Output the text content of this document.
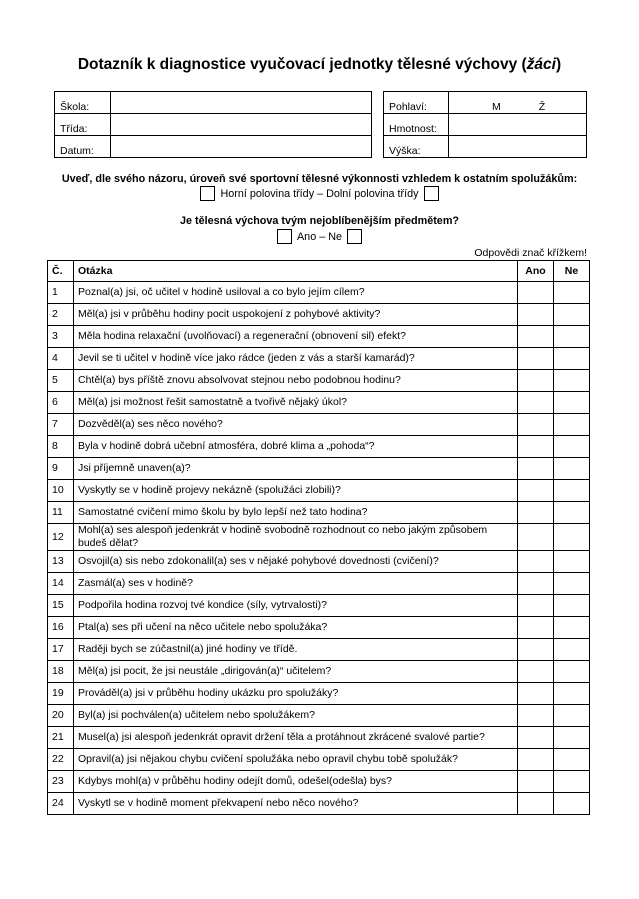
Dotazník k diagnostice vyučovací jednotky tělesné výchovy (žáci)
Škola:	
Třída:	
Datum:	
Pohlaví:	M Ž
Hmotnost:	
Výška:	
Uveď, dle svého názoru, úroveň své sportovní tělesné výkonnosti vzhledem k ostatním spolužákům:
Horní polovina třídy – Dolní polovina třídy
Je tělesná výchova tvým nejoblíbenějším předmětem?
Ano – Ne
Odpovědi znač křížkem!
Č.	Otázka	Ano	Ne
1	Poznal(a) jsi, oč učitel v hodině usiloval a co bylo jejím cílem?		
2	Měl(a) jsi v průběhu hodiny pocit uspokojení z pohybové aktivity?		
3	Měla hodina relaxační (uvolňovací) a regenerační (obnovení sil) efekt?		
4	Jevil se ti učitel v hodině více jako rádce (jeden z vás a starší kamarád)?		
5	Chtěl(a) bys příště znovu absolvovat stejnou nebo podobnou hodinu?		
6	Měl(a) jsi možnost řešit samostatně a tvořivě nějaký úkol?		
7	Dozvěděl(a) ses něco nového?		
8	Byla v hodině dobrá učební atmosféra, dobré klima a „pohoda“?		
9	Jsi příjemně unaven(a)?		
10	Vyskytly se v hodině projevy nekázně (spolužáci zlobili)?		
11	Samostatné cvičení mimo školu by bylo lepší než tato hodina?		
12	Mohl(a) ses alespoň jedenkrát v hodině svobodně rozhodnout co nebo jakým způsobem budeš dělat?		
13	Osvojil(a) sis nebo zdokonalil(a) ses v nějaké pohybové dovednosti (cvičení)?		
14	Zasmál(a) ses v hodině?		
15	Podpořila hodina rozvoj tvé kondice (síly, vytrvalosti)?		
16	Ptal(a) ses při učení na něco učitele nebo spolužáka?		
17	Raději bych se zúčastnil(a) jiné hodiny ve třídě.		
18	Měl(a) jsi pocit, že jsi neustále „dirigován(a)“ učitelem?		
19	Prováděl(a) jsi v průběhu hodiny ukázku pro spolužáky?		
20	Byl(a) jsi pochválen(a) učitelem nebo spolužákem?		
21	Musel(a) jsi alespoň jedenkrát opravit držení těla a protáhnout zkrácené svalové partie?		
22	Opravil(a) jsi nějakou chybu cvičení spolužáka nebo opravil chybu tobě spolužák?		
23	Kdybys mohl(a) v průběhu hodiny odejít domů, odešel(odešla) bys?		
24	Vyskytl se v hodině moment překvapení nebo něco nového?		
